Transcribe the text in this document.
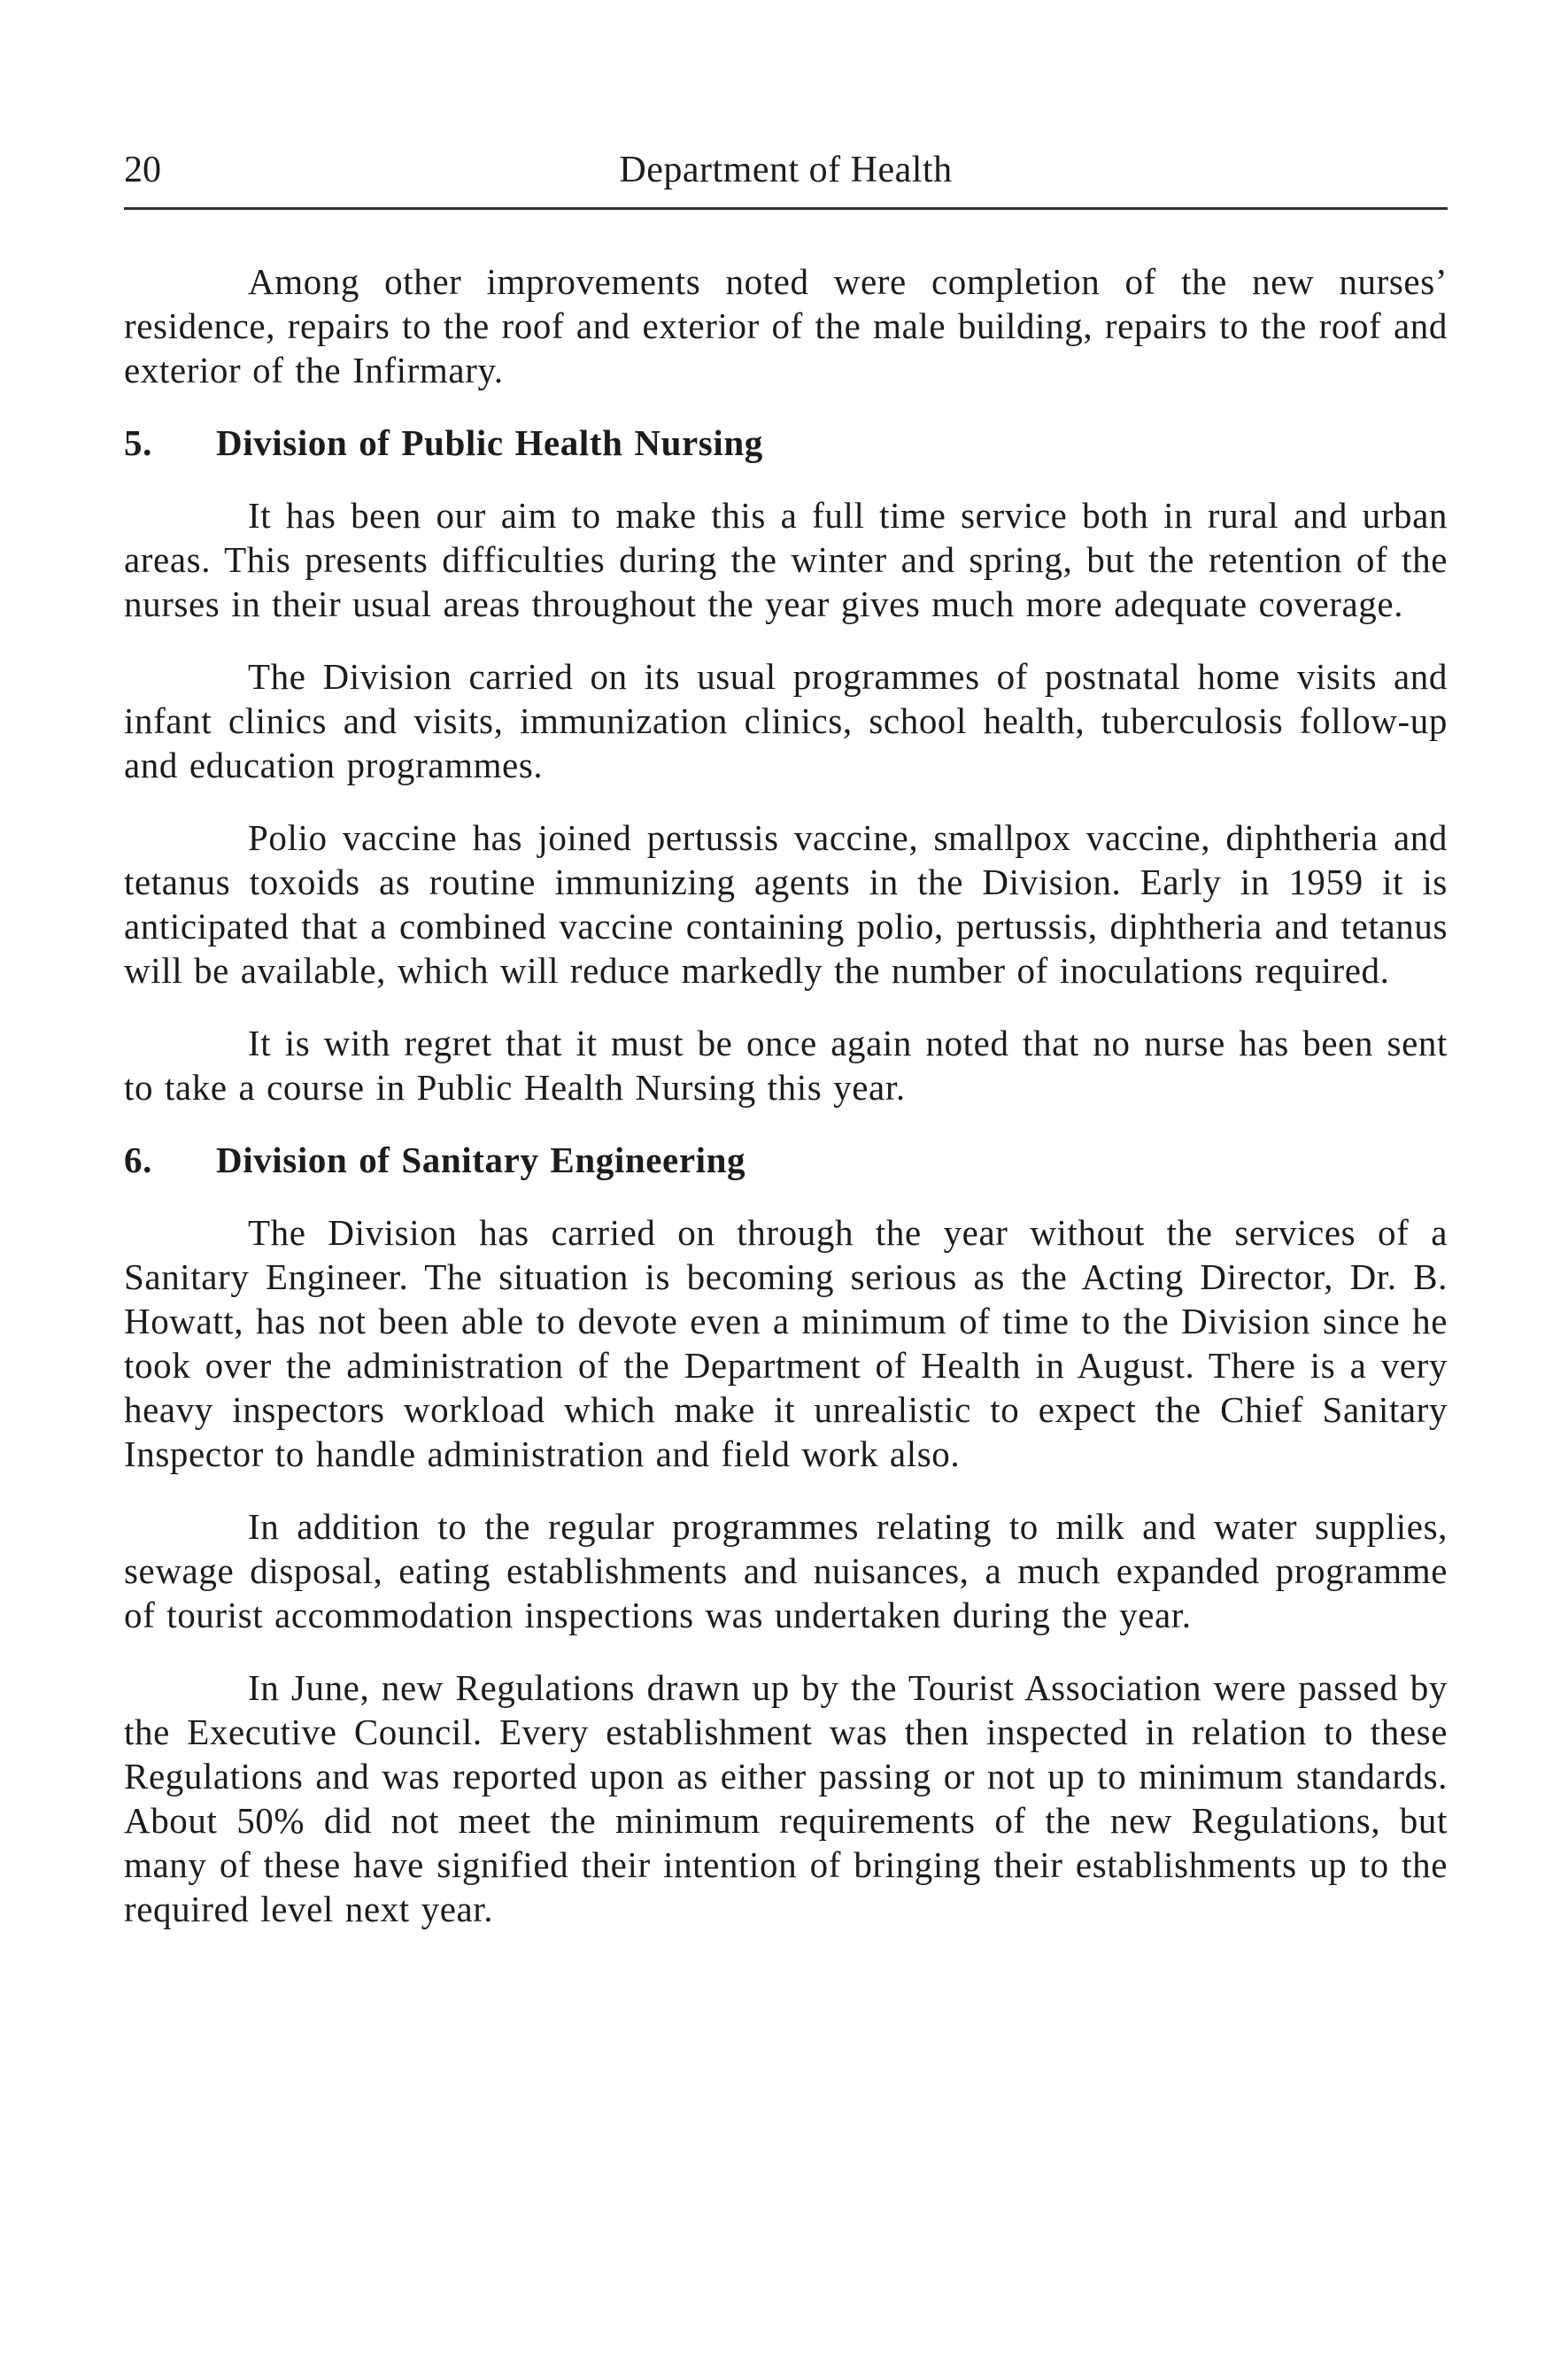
20	Department of Health

Among other improvements noted were completion of the new nurses’ residence, repairs to the roof and exterior of the male building, repairs to the roof and exterior of the Infirmary.

5. Division of Public Health Nursing

It has been our aim to make this a full time service both in rural and urban areas. This presents difficulties during the winter and spring, but the retention of the nurses in their usual areas throughout the year gives much more adequate coverage.

The Division carried on its usual programmes of postnatal home visits and infant clinics and visits, immunization clinics, school health, tuberculosis follow-up and education programmes.

Polio vaccine has joined pertussis vaccine, smallpox vaccine, diphtheria and tetanus toxoids as routine immunizing agents in the Division. Early in 1959 it is anticipated that a combined vaccine containing polio, pertussis, diphtheria and tetanus will be available, which will reduce markedly the number of inoculations required.

It is with regret that it must be once again noted that no nurse has been sent to take a course in Public Health Nursing this year.

6. Division of Sanitary Engineering

The Division has carried on through the year without the services of a Sanitary Engineer. The situation is becoming serious as the Acting Director, Dr. B. Howatt, has not been able to devote even a minimum of time to the Division since he took over the administration of the Department of Health in August. There is a very heavy inspectors workload which make it unrealistic to expect the Chief Sanitary Inspector to handle administration and field work also.

In addition to the regular programmes relating to milk and water supplies, sewage disposal, eating establishments and nuisances, a much expanded programme of tourist accommodation inspections was undertaken during the year.

In June, new Regulations drawn up by the Tourist Association were passed by the Executive Council. Every establishment was then inspected in relation to these Regulations and was reported upon as either passing or not up to minimum standards. About 50% did not meet the minimum requirements of the new Regulations, but many of these have signified their intention of bringing their establishments up to the required level next year.
